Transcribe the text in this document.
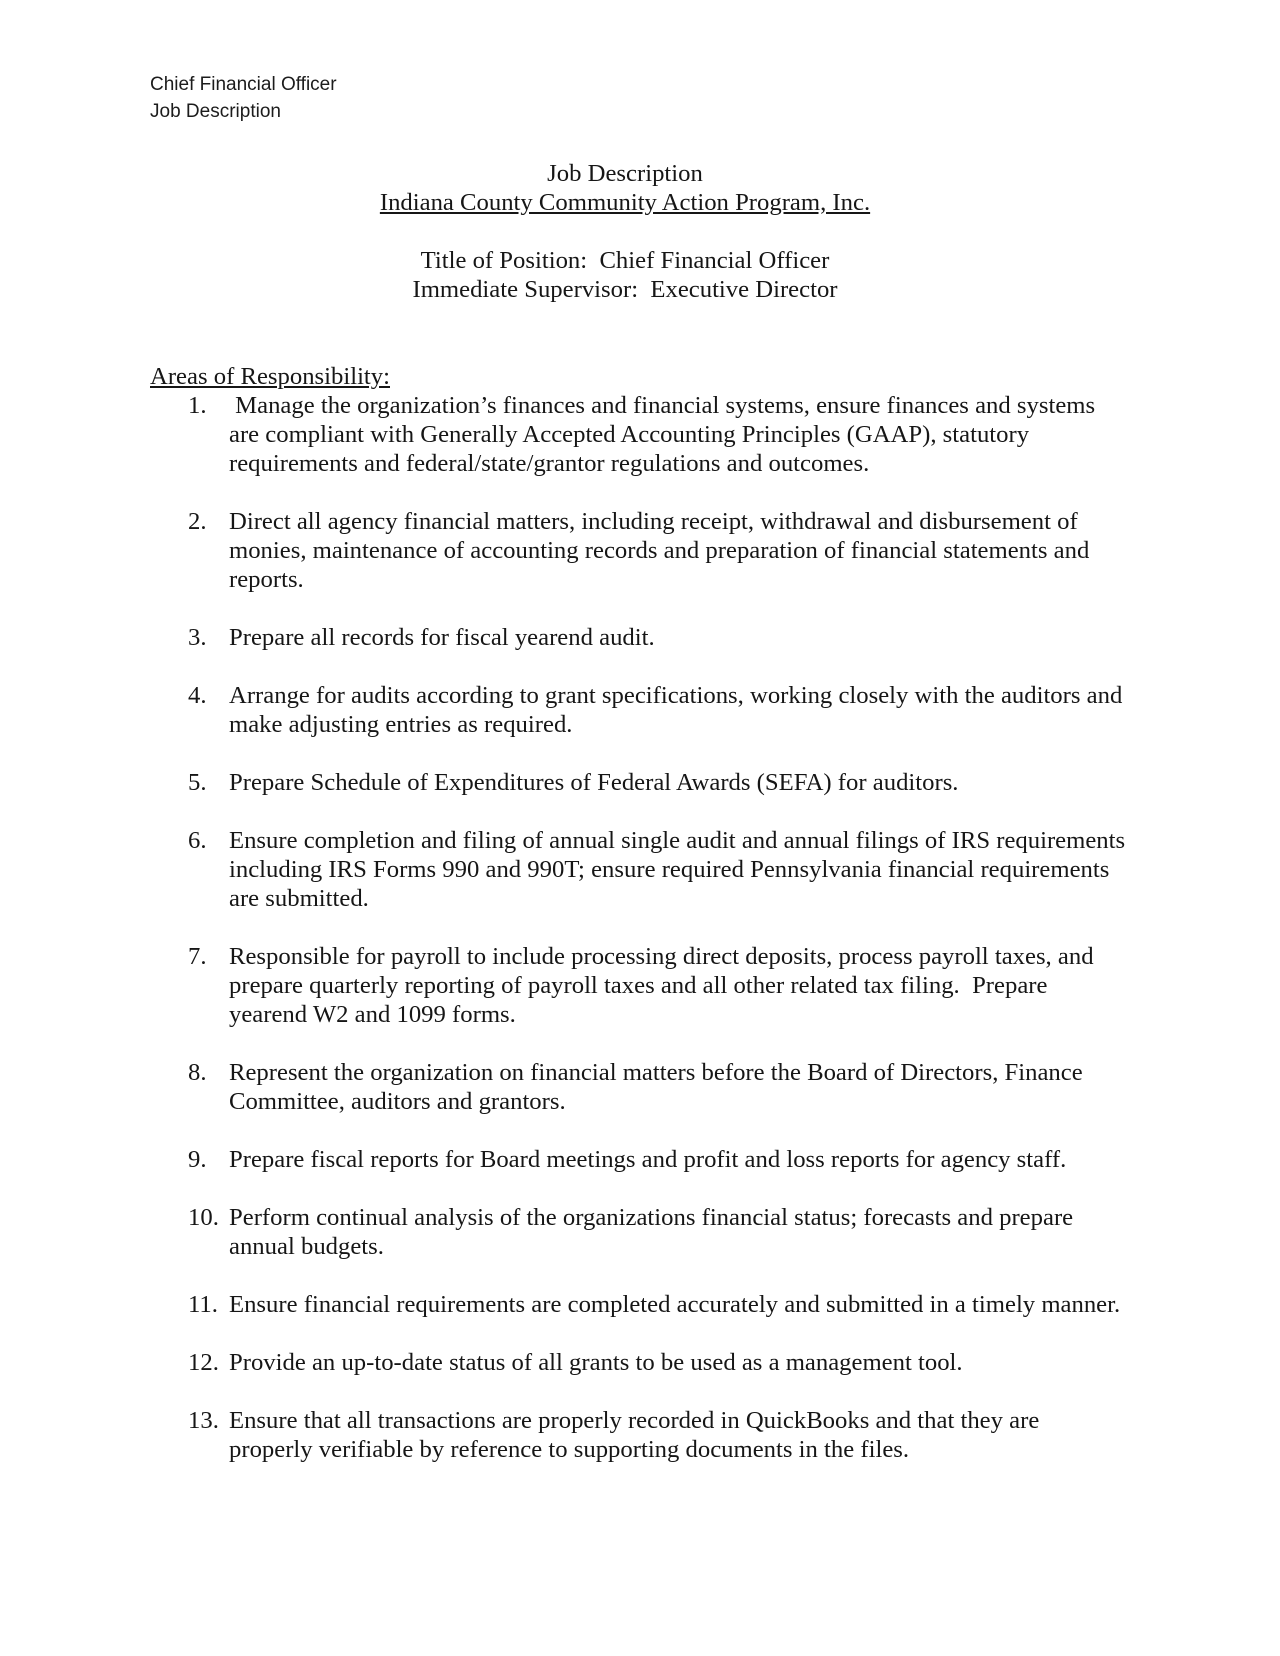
Chief Financial Officer
Job Description
Job Description
Indiana County Community Action Program, Inc.
Title of Position:  Chief Financial Officer
Immediate Supervisor:  Executive Director
Areas of Responsibility:
1. Manage the organization’s finances and financial systems, ensure finances and systems are compliant with Generally Accepted Accounting Principles (GAAP), statutory requirements and federal/state/grantor regulations and outcomes.
2. Direct all agency financial matters, including receipt, withdrawal and disbursement of monies, maintenance of accounting records and preparation of financial statements and reports.
3. Prepare all records for fiscal yearend audit.
4. Arrange for audits according to grant specifications, working closely with the auditors and make adjusting entries as required.
5. Prepare Schedule of Expenditures of Federal Awards (SEFA) for auditors.
6. Ensure completion and filing of annual single audit and annual filings of IRS requirements including IRS Forms 990 and 990T; ensure required Pennsylvania financial requirements are submitted.
7. Responsible for payroll to include processing direct deposits, process payroll taxes, and prepare quarterly reporting of payroll taxes and all other related tax filing.  Prepare yearend W2 and 1099 forms.
8. Represent the organization on financial matters before the Board of Directors, Finance Committee, auditors and grantors.
9. Prepare fiscal reports for Board meetings and profit and loss reports for agency staff.
10. Perform continual analysis of the organizations financial status; forecasts and prepare annual budgets.
11. Ensure financial requirements are completed accurately and submitted in a timely manner.
12. Provide an up-to-date status of all grants to be used as a management tool.
13. Ensure that all transactions are properly recorded in QuickBooks and that they are properly verifiable by reference to supporting documents in the files.
